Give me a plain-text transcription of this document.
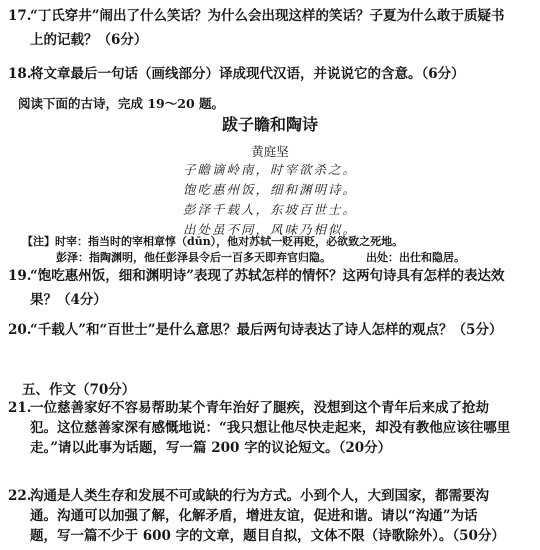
17.“丁氏穿井”闹出了什么笑话？为什么会出现这样的笑话？子夏为什么敢于质疑书
上的记载？（6分）
18.将文章最后一句话（画线部分）译成现代汉语，并说说它的含意。（6分）
阅读下面的古诗，完成 19～20 题。
跋子瞻和陶诗
黄庭坚
子瞻谪岭南，时宰欲杀之。
饱吃惠州饭，细和渊明诗。
彭泽千载人，东坡百世士。
出处虽不同，风味乃相似。
【注】时宰：指当时的宰相章惇（dūn），他对苏轼一贬再贬，必欲致之死地。
彭泽：指陶渊明，他任彭泽县令后一百多天即弃官归隐。	出处：出仕和隐居。
19.“饱吃惠州饭，细和渊明诗”表现了苏轼怎样的情怀？这两句诗具有怎样的表达效
果？（4分）
20.“千载人”和“百世士”是什么意思？最后两句诗表达了诗人怎样的观点？（5分）
五、作文（70分）
21.一位慈善家好不容易帮助某个青年治好了腿疾，没想到这个青年后来成了抢劫
犯。这位慈善家深有感慨地说：“我只想让他尽快走起来，却没有教他应该往哪里
走。”请以此事为话题，写一篇 200 字的议论短文。（20分）
22.沟通是人类生存和发展不可或缺的行为方式。小到个人，大到国家，都需要沟
通。沟通可以加强了解，化解矛盾，增进友谊，促进和谐。请以“沟通”为话
题，写一篇不少于 600 字的文章，题目自拟，文体不限（诗歌除外）。（50分）
